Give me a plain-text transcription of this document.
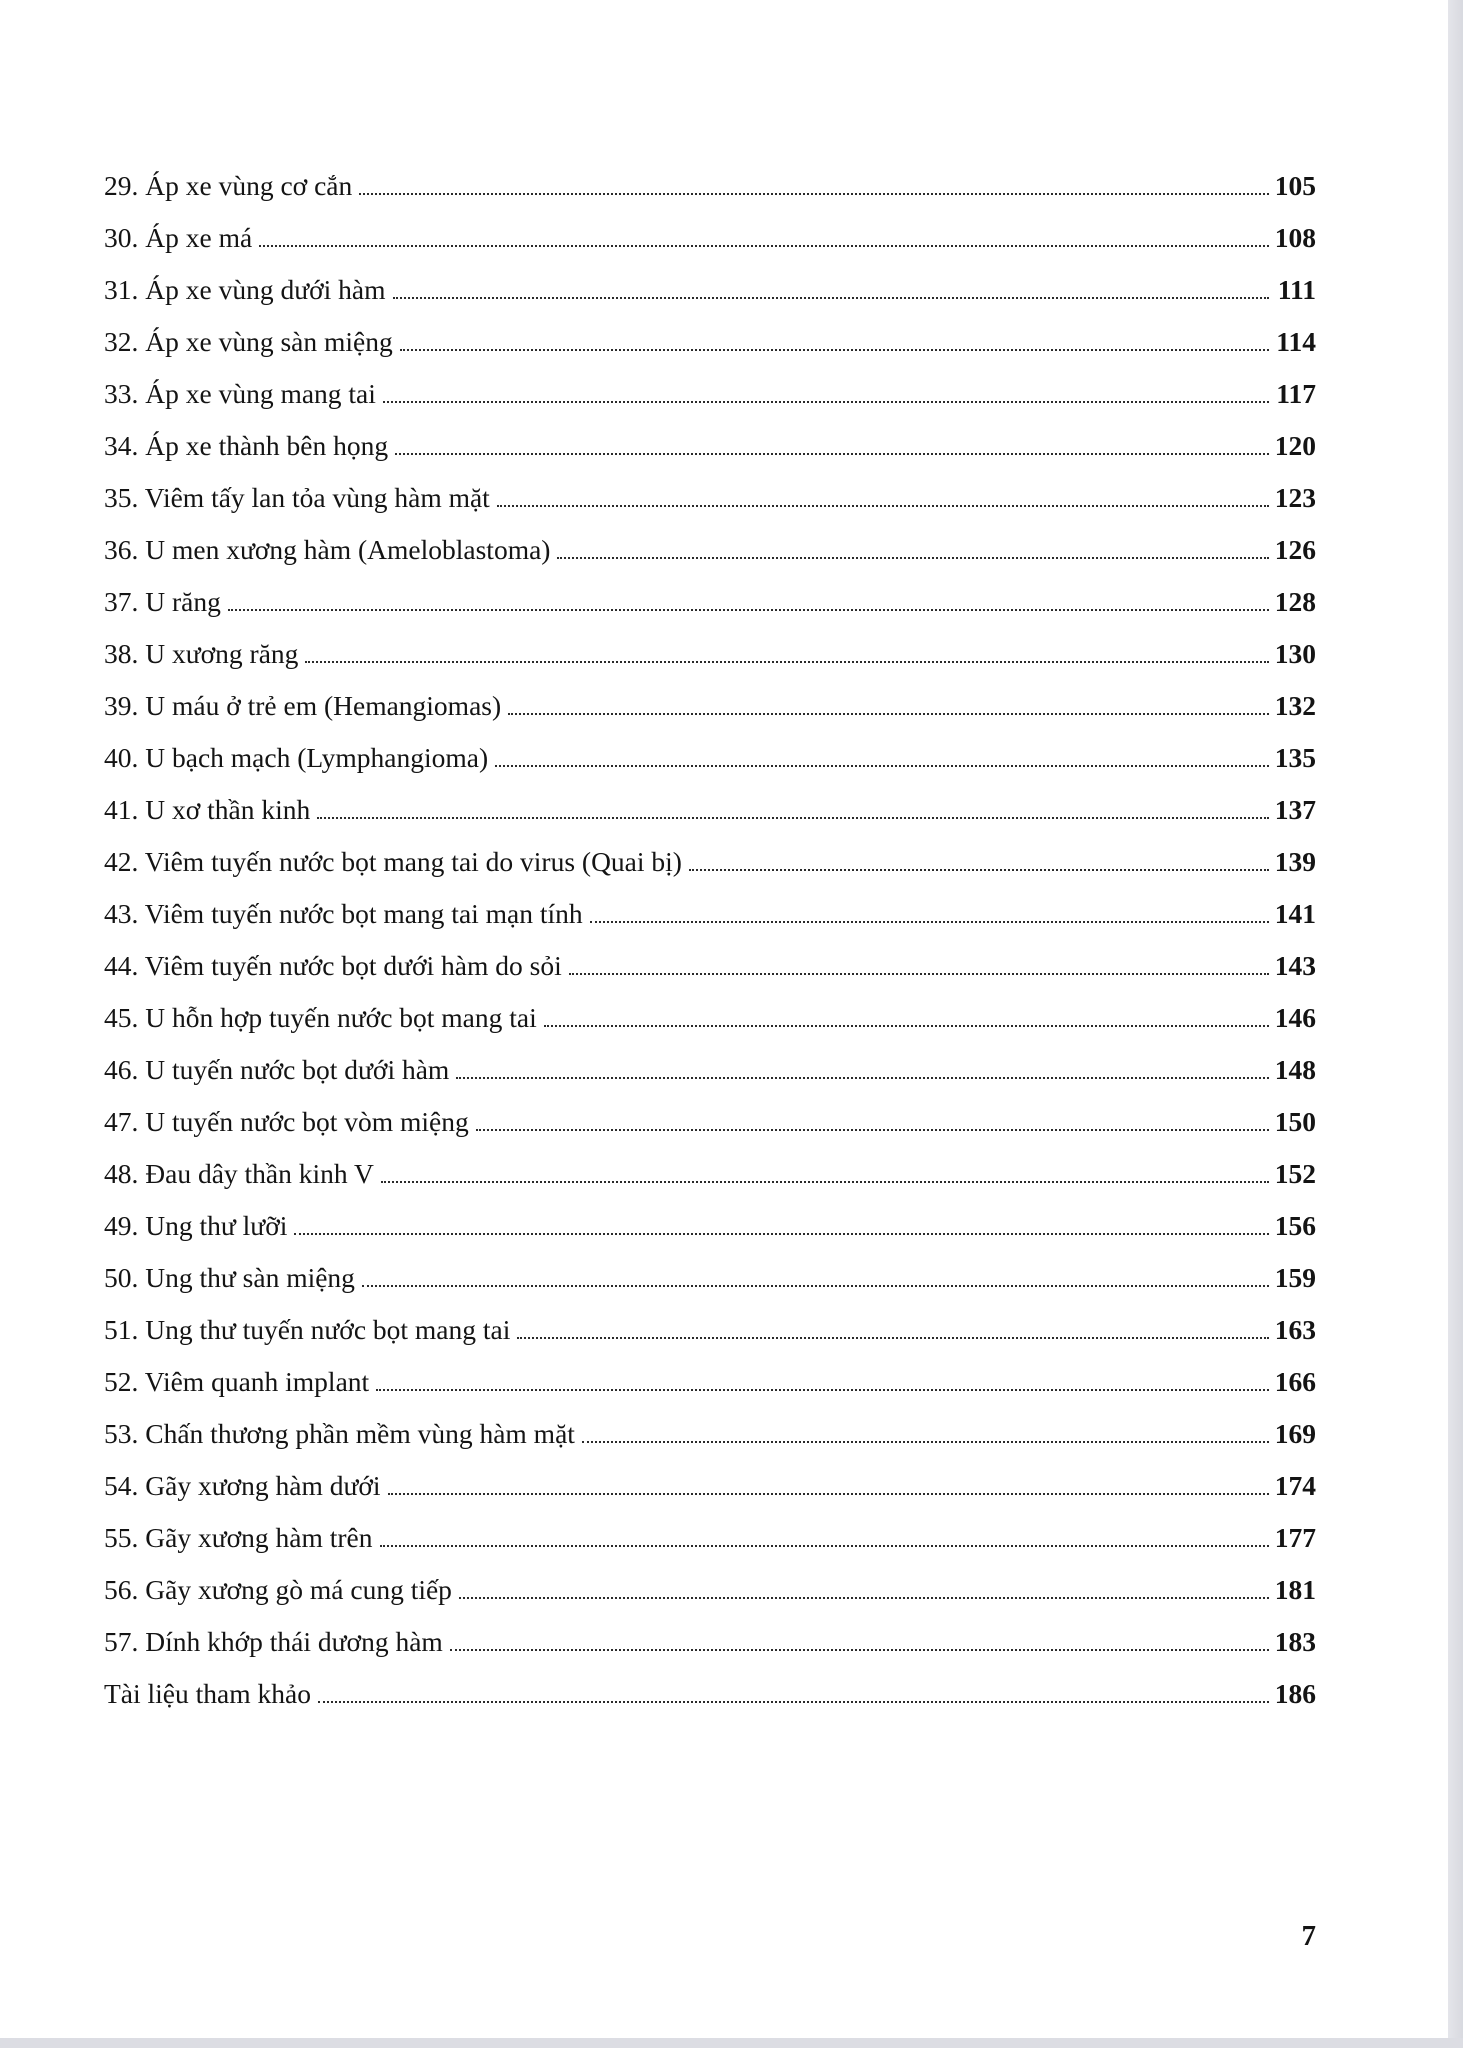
29. Áp xe vùng cơ cắn	105
30. Áp xe má	108
31. Áp xe vùng dưới hàm	111
32. Áp xe vùng sàn miệng	114
33. Áp xe vùng mang tai	117
34. Áp xe thành bên họng	120
35. Viêm tấy lan tỏa vùng hàm mặt	123
36. U men xương hàm (Ameloblastoma)	126
37. U răng	128
38. U xương răng	130
39. U máu ở trẻ em (Hemangiomas)	132
40. U bạch mạch (Lymphangioma)	135
41. U xơ thần kinh	137
42. Viêm tuyến nước bọt mang tai do virus (Quai bị)	139
43. Viêm tuyến nước bọt mang tai mạn tính	141
44. Viêm tuyến nước bọt dưới hàm do sỏi	143
45. U hỗn hợp tuyến nước bọt mang tai	146
46. U tuyến nước bọt dưới hàm	148
47. U tuyến nước bọt vòm miệng	150
48. Đau dây thần kinh V	152
49. Ung thư lưỡi	156
50. Ung thư sàn miệng	159
51. Ung thư tuyến nước bọt mang tai	163
52. Viêm quanh implant	166
53. Chấn thương phần mềm vùng hàm mặt	169
54. Gãy xương hàm dưới	174
55. Gãy xương hàm trên	177
56. Gãy xương gò má cung tiếp	181
57. Dính khớp thái dương hàm	183
Tài liệu tham khảo	186
7
